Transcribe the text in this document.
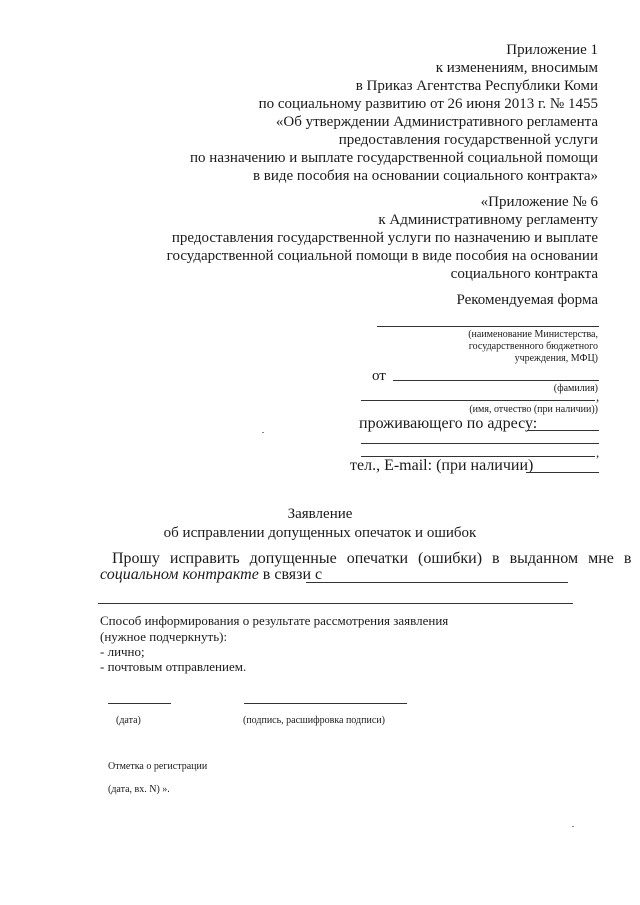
Приложение 1
к изменениям, вносимым
в Приказ Агентства Республики Коми
по социальному развитию от 26 июня 2013 г. № 1455
«Об утверждении Административного регламента
предоставления государственной услуги
по назначению и выплате государственной социальной помощи
в виде пособия на основании социального контракта»
«Приложение № 6
к Административному регламенту
предоставления государственной услуги по назначению и выплате
государственной социальной помощи в виде пособия на основании
социального контракта
Рекомендуемая форма
(наименование Министерства,
государственного бюджетного
учреждения, МФЦ)
от
(фамилия)
,
(имя, отчество (при наличии))
проживающего по адресу:
,
тел., E-mail: (при наличии)
Заявление
об исправлении допущенных опечаток и ошибок
Прошу исправить допущенные опечатки (ошибки) в выданном мне в
социальном контракте в связи с
Способ информирования о результате рассмотрения заявления
(нужное подчеркнуть):
- лично;
- почтовым отправлением.
(дата)	(подпись, расшифровка подписи)
Отметка о регистрации
(дата, вх. N) ».
